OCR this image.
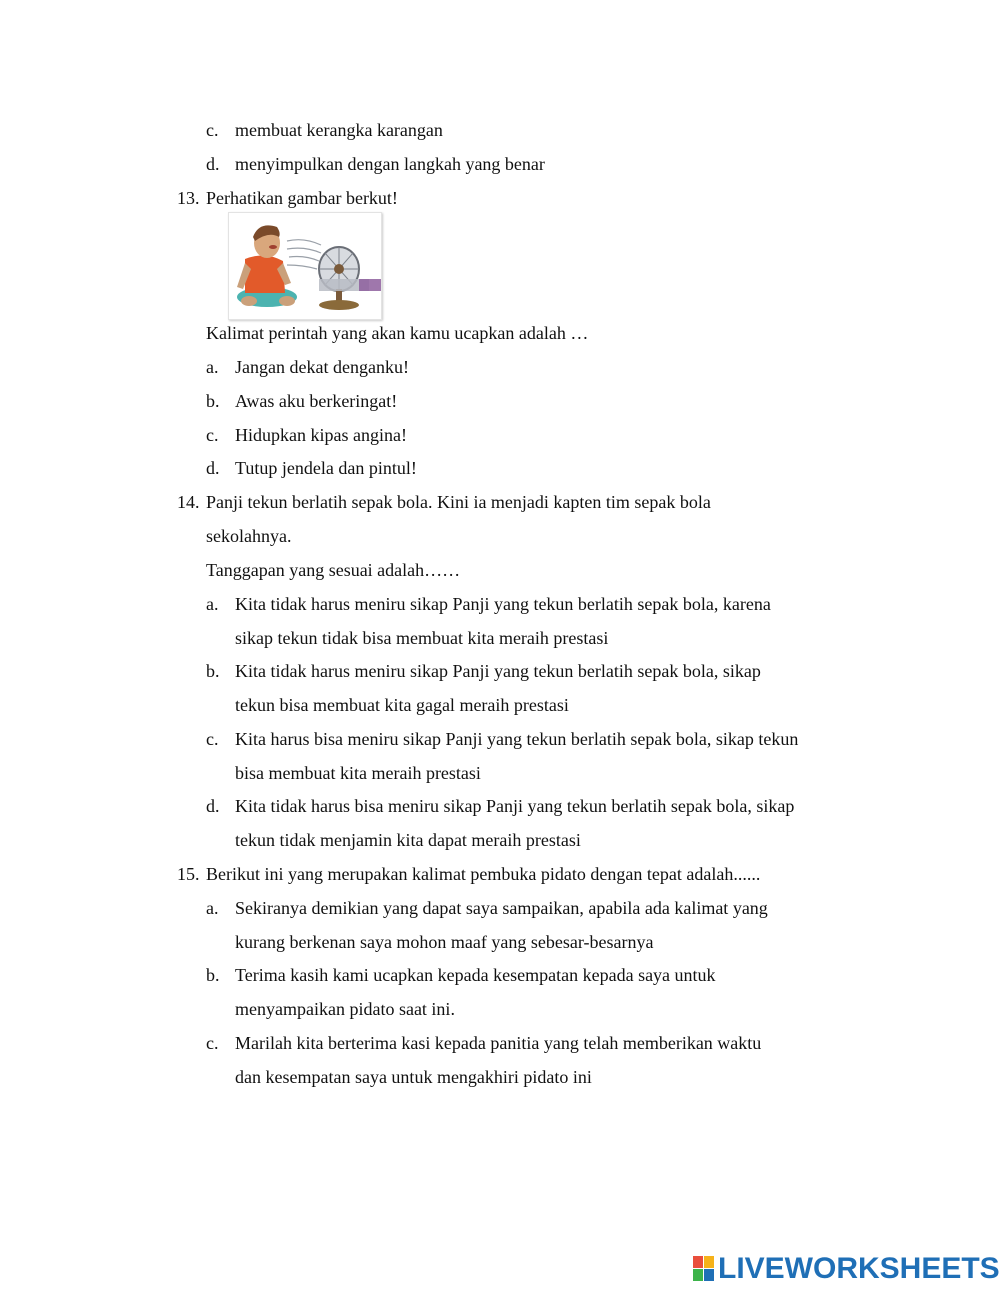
c. membuat kerangka karangan
d. menyimpulkan dengan langkah yang benar
13. Perhatikan gambar berkut!
Kalimat perintah yang akan kamu ucapkan adalah …
a. Jangan dekat denganku!
b. Awas aku berkeringat!
c. Hidupkan kipas angina!
d. Tutup jendela dan pintul!
14. Panji tekun berlatih sepak bola. Kini ia menjadi kapten tim sepak bola
sekolahnya.
Tanggapan yang sesuai adalah……
a. Kita tidak harus meniru sikap Panji yang tekun berlatih sepak bola, karena
sikap tekun tidak bisa membuat kita meraih prestasi
b. Kita tidak harus meniru sikap Panji yang tekun berlatih sepak bola, sikap
tekun bisa membuat kita gagal meraih prestasi
c. Kita harus bisa meniru sikap Panji yang tekun berlatih sepak bola, sikap tekun
bisa membuat kita meraih prestasi
d. Kita tidak harus bisa meniru sikap Panji yang tekun berlatih sepak bola, sikap
tekun tidak menjamin kita dapat meraih prestasi
15. Berikut ini yang merupakan kalimat pembuka pidato dengan tepat adalah......
a. Sekiranya demikian yang dapat saya sampaikan, apabila ada kalimat yang
kurang berkenan saya mohon maaf yang sebesar-besarnya
b. Terima kasih kami ucapkan kepada kesempatan kepada saya untuk
menyampaikan pidato saat ini.
c. Marilah kita berterima kasi kepada panitia yang telah memberikan waktu
dan kesempatan saya untuk mengakhiri pidato ini
LIVEWORKSHEETS
